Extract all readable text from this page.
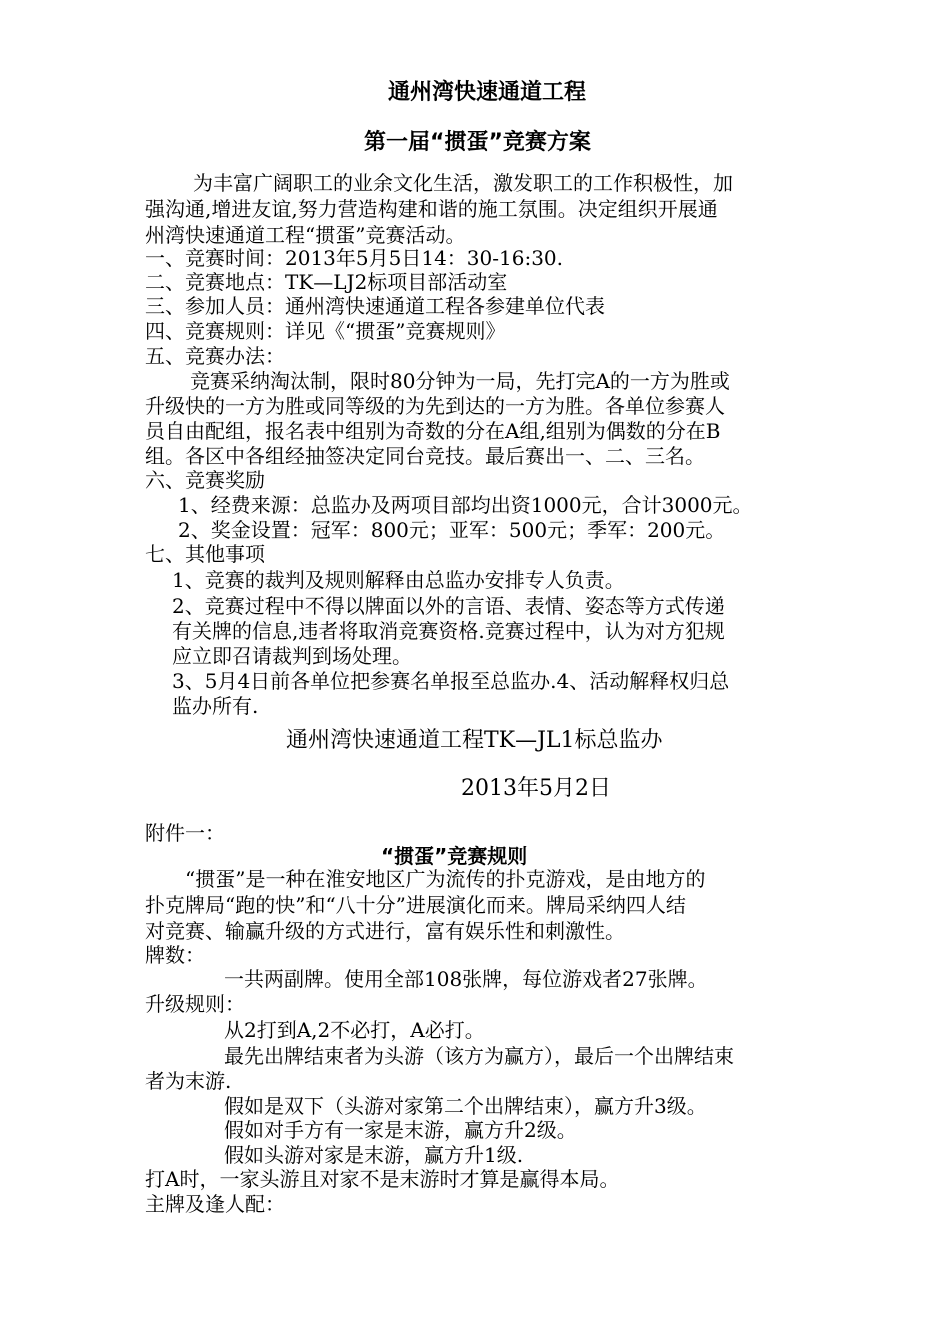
通州湾快速通道工程
第一届“掼蛋”竞赛方案
为丰富广阔职工的业余文化生活，激发职工的工作积极性，加
强沟通,增进友谊,努力营造构建和谐的施工氛围。决定组织开展通
州湾快速通道工程“掼蛋”竞赛活动。
一、竞赛时间：2013年5月5日14：30-16:30.
二、竞赛地点：TK—LJ2标项目部活动室
三、参加人员：通州湾快速通道工程各参建单位代表
四、竞赛规则：详见《“掼蛋”竞赛规则》
五、竞赛办法：
竞赛采纳淘汰制，限时80分钟为一局，先打完A的一方为胜或
升级快的一方为胜或同等级的为先到达的一方为胜。各单位参赛人
员自由配组，报名表中组别为奇数的分在A组,组别为偶数的分在B
组。各区中各组经抽签决定同台竞技。最后赛出一、二、三名。
六、竞赛奖励
1、经费来源：总监办及两项目部均出资1000元，合计3000元。
2、奖金设置：冠军：800元；亚军：500元；季军：200元。
七、其他事项
1、竞赛的裁判及规则解释由总监办安排专人负责。
2、竞赛过程中不得以牌面以外的言语、表情、姿态等方式传递
有关牌的信息,违者将取消竞赛资格.竞赛过程中，认为对方犯规
应立即召请裁判到场处理。
3、5月4日前各单位把参赛名单报至总监办.4、活动解释权归总
监办所有.
通州湾快速通道工程TK—JL1标总监办
2013年5月2日
附件一：
“掼蛋”竞赛规则
“掼蛋”是一种在淮安地区广为流传的扑克游戏，是由地方的
扑克牌局“跑的快”和“八十分”进展演化而来。牌局采纳四人结
对竞赛、输赢升级的方式进行，富有娱乐性和刺激性。
牌数：
一共两副牌。使用全部108张牌，每位游戏者27张牌。
升级规则：
从2打到A,2不必打，A必打。
最先出牌结束者为头游（该方为赢方），最后一个出牌结束
者为末游.
假如是双下（头游对家第二个出牌结束），赢方升3级。
假如对手方有一家是末游，赢方升2级。
假如头游对家是末游，赢方升1级.
打A时，一家头游且对家不是末游时才算是赢得本局。
主牌及逢人配：
